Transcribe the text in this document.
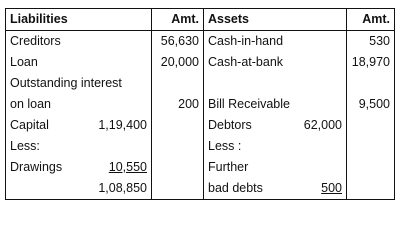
Liabilities	Amt.	Assets	Amt.
Creditors	56,630	Cash-in-hand	530
Loan	20,000	Cash-at-bank	18,970
Outstanding interest			
on loan	200	Bill Receivable	9,500

Capital 1,19,400		Debtors 62,000	

Less:		Less :	

Drawings 10,550		Further	

1,08,850		bad debts 500	
